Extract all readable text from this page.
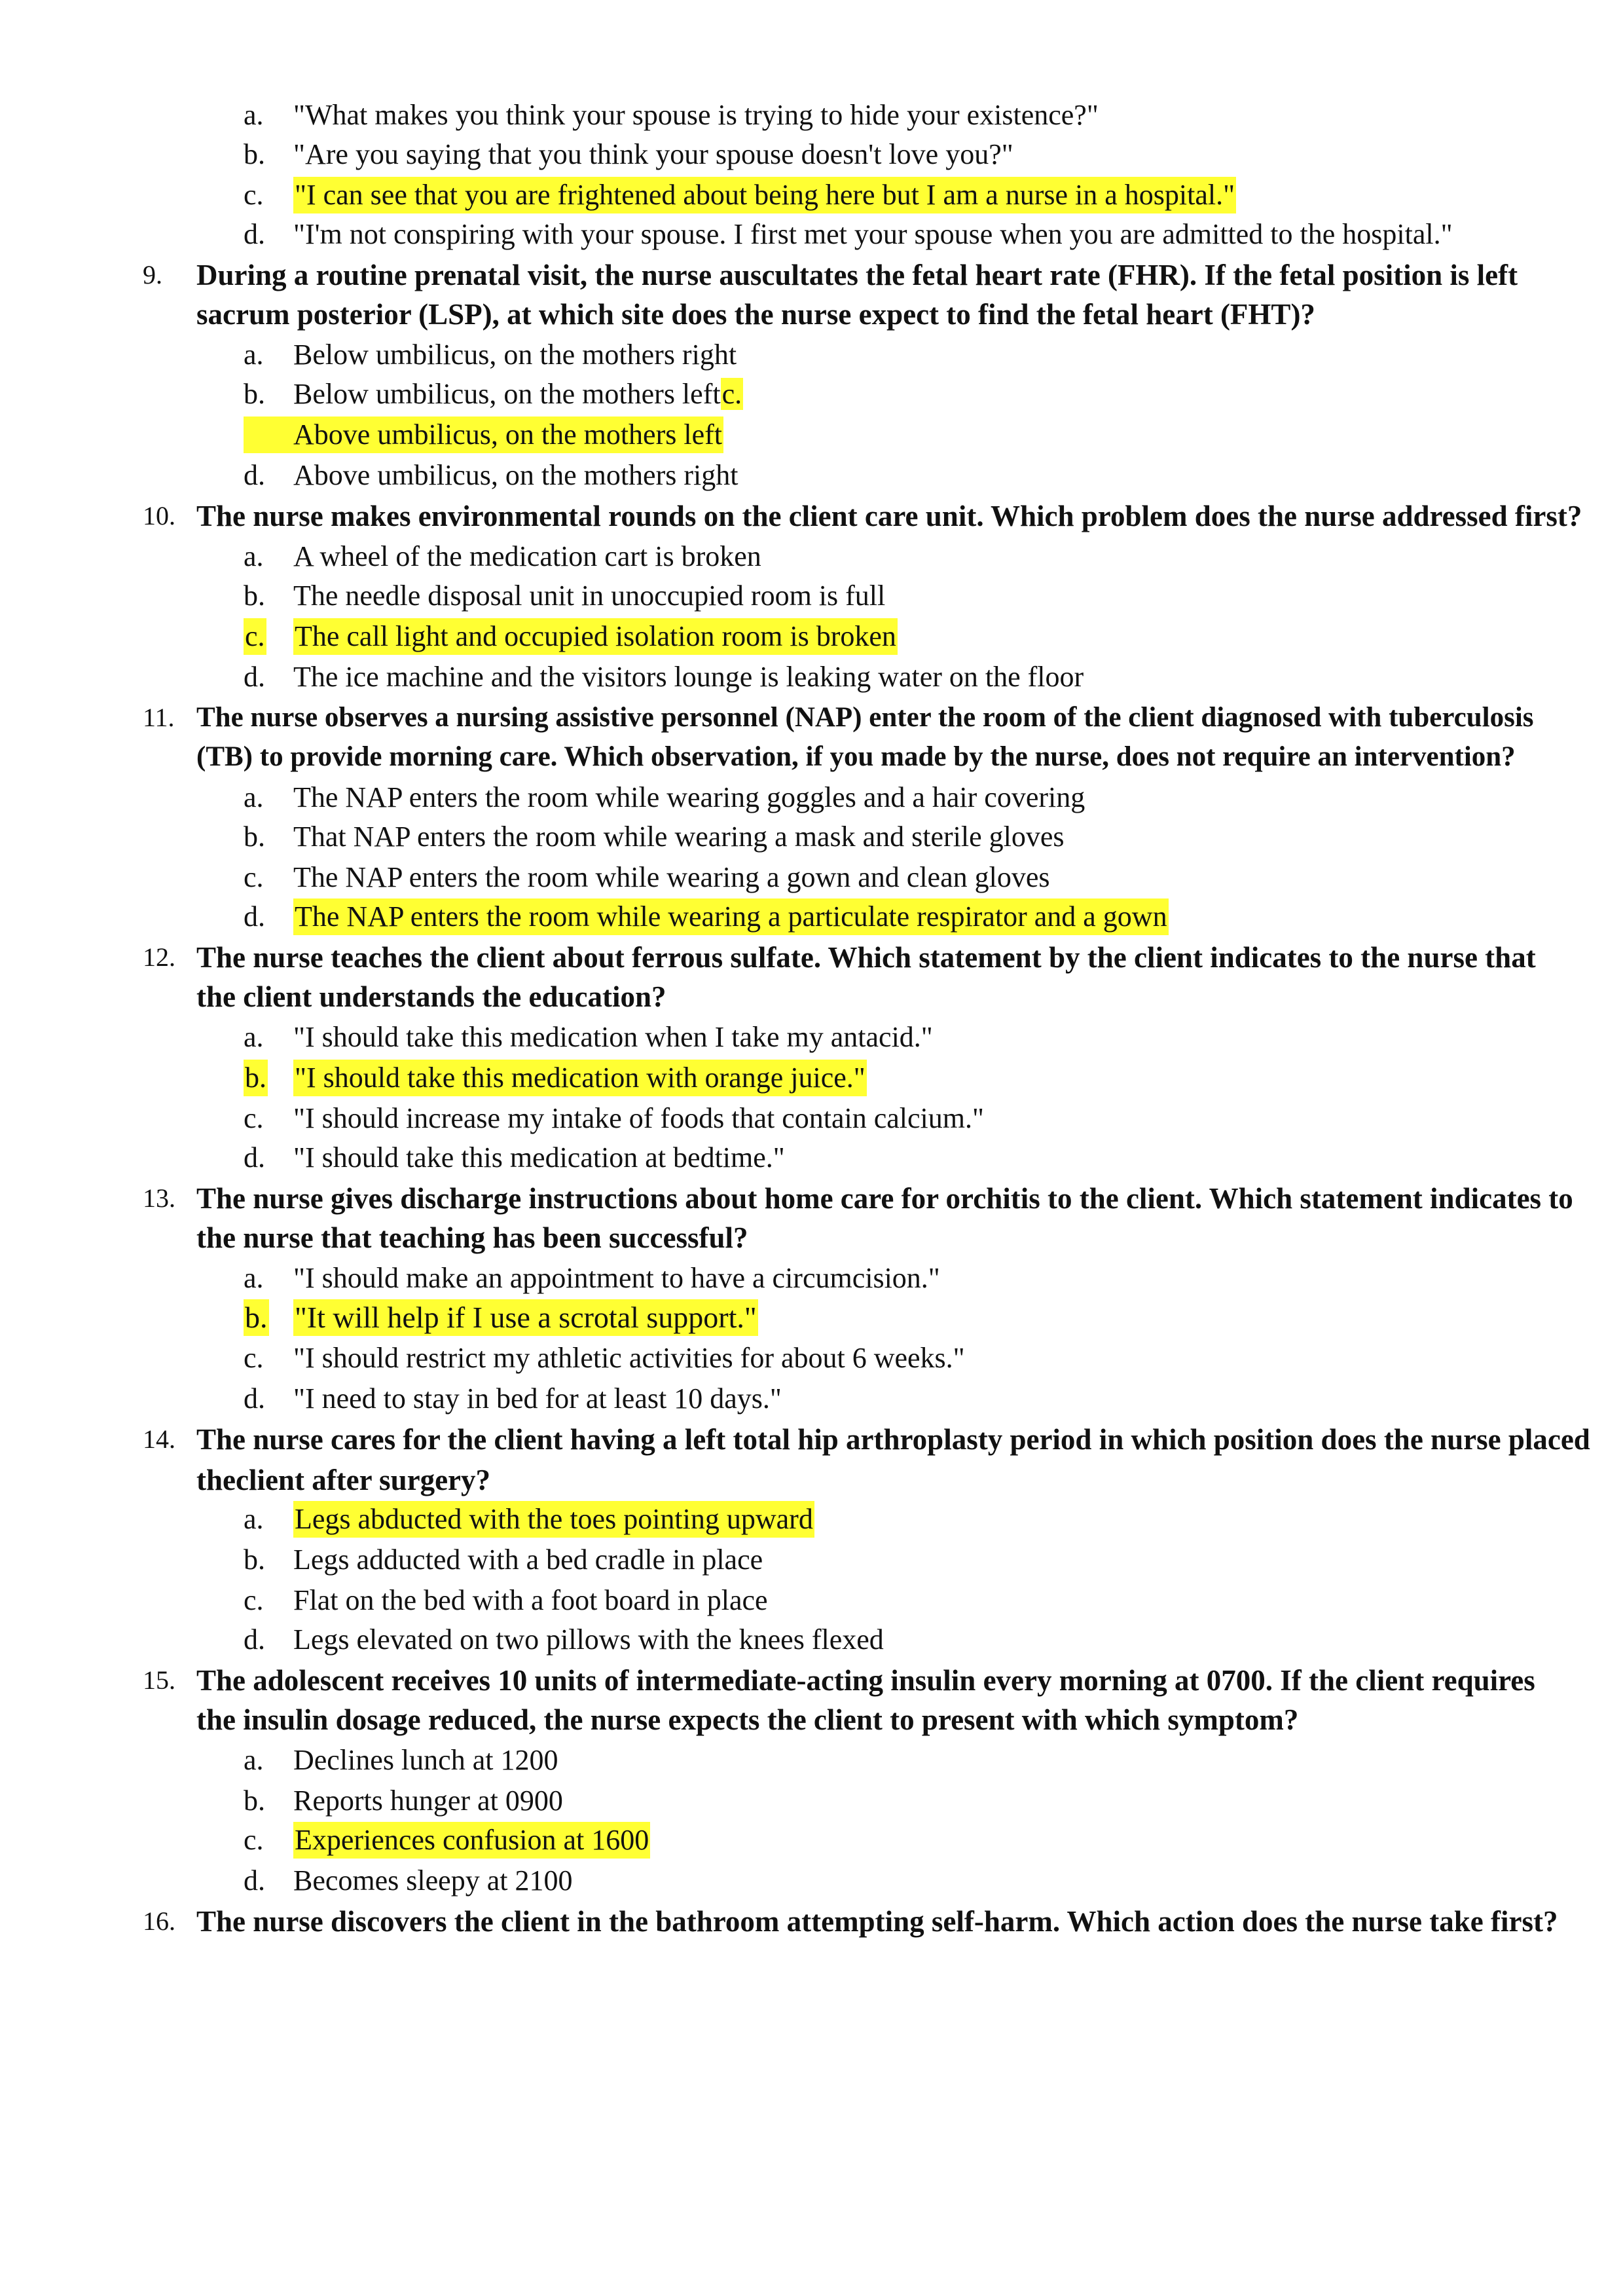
a. "What makes you think your spouse is trying to hide your existence?"
b. "Are you saying that you think your spouse doesn't love you?"
c. "I can see that you are frightened about being here but I am a nurse in a hospital."
d. "I'm not conspiring with your spouse. I first met your spouse when you are admitted to the hospital."
9. During a routine prenatal visit, the nurse auscultates the fetal heart rate (FHR). If the fetal position is left
sacrum posterior (LSP), at which site does the nurse expect to find the fetal heart (FHT)?
a. Below umbilicus, on the mothers right
b. Below umbilicus, on the mothers leftc.
Above umbilicus, on the mothers left
d. Above umbilicus, on the mothers right
10. The nurse makes environmental rounds on the client care unit. Which problem does the nurse addressed first?
a. A wheel of the medication cart is broken
b. The needle disposal unit in unoccupied room is full
c. The call light and occupied isolation room is broken
d. The ice machine and the visitors lounge is leaking water on the floor
11. The nurse observes a nursing assistive personnel (NAP) enter the room of the client diagnosed with tuberculosis
(TB) to provide morning care. Which observation, if you made by the nurse, does not require an intervention?
a. The NAP enters the room while wearing goggles and a hair covering
b. That NAP enters the room while wearing a mask and sterile gloves
c. The NAP enters the room while wearing a gown and clean gloves
d. The NAP enters the room while wearing a particulate respirator and a gown
12. The nurse teaches the client about ferrous sulfate. Which statement by the client indicates to the nurse that
the client understands the education?
a. "I should take this medication when I take my antacid."
b. "I should take this medication with orange juice."
c. "I should increase my intake of foods that contain calcium."
d. "I should take this medication at bedtime."
13. The nurse gives discharge instructions about home care for orchitis to the client. Which statement indicates to
the nurse that teaching has been successful?
a. "I should make an appointment to have a circumcision."
b. "It will help if I use a scrotal support."
c. "I should restrict my athletic activities for about 6 weeks."
d. "I need to stay in bed for at least 10 days."
14. The nurse cares for the client having a left total hip arthroplasty period in which position does the nurse placed
theclient after surgery?
a. Legs abducted with the toes pointing upward
b. Legs adducted with a bed cradle in place
c. Flat on the bed with a foot board in place
d. Legs elevated on two pillows with the knees flexed
15. The adolescent receives 10 units of intermediate-acting insulin every morning at 0700. If the client requires
the insulin dosage reduced, the nurse expects the client to present with which symptom?
a. Declines lunch at 1200
b. Reports hunger at 0900
c. Experiences confusion at 1600
d. Becomes sleepy at 2100
16. The nurse discovers the client in the bathroom attempting self-harm. Which action does the nurse take first?
